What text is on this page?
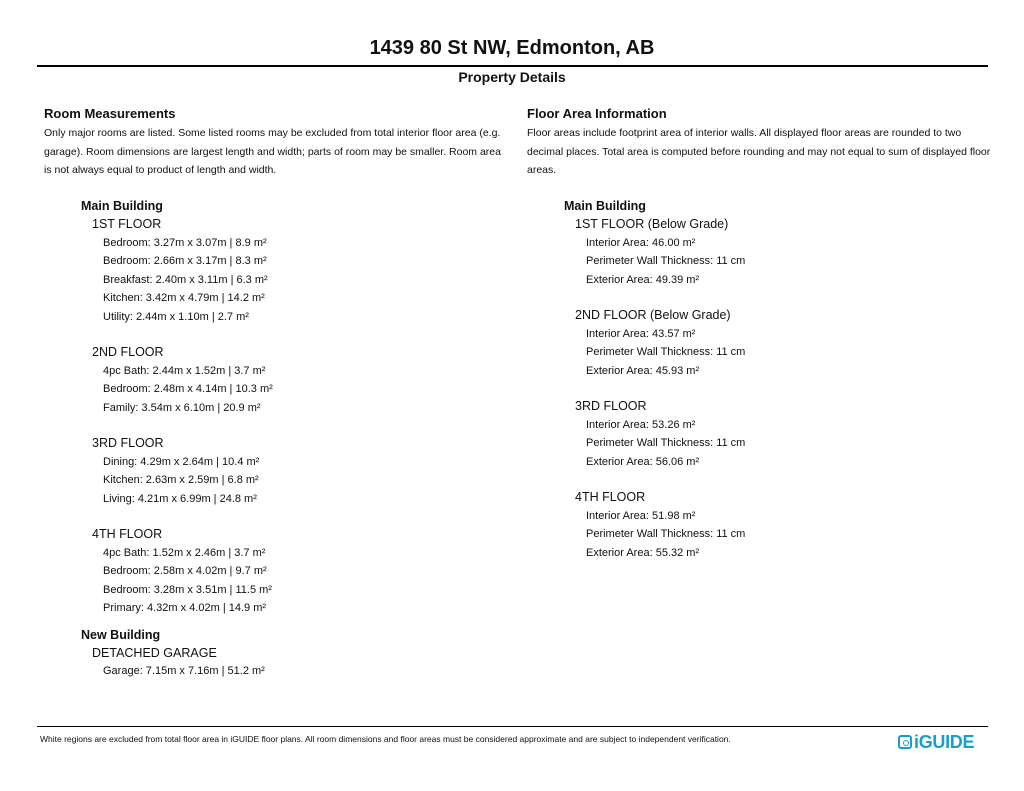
1439 80 St NW, Edmonton, AB
Property Details
Room Measurements
Only major rooms are listed. Some listed rooms may be excluded from total interior floor area (e.g. garage). Room dimensions are largest length and width; parts of room may be smaller. Room area is not always equal to product of length and width.
Floor Area Information
Floor areas include footprint area of interior walls. All displayed floor areas are rounded to two decimal places. Total area is computed before rounding and may not equal to sum of displayed floor areas.
Main Building
1ST FLOOR
Bedroom: 3.27m x 3.07m | 8.9 m²
Bedroom: 2.66m x 3.17m | 8.3 m²
Breakfast: 2.40m x 3.11m | 6.3 m²
Kitchen: 3.42m x 4.79m | 14.2 m²
Utility: 2.44m x 1.10m | 2.7 m²
2ND FLOOR
4pc Bath: 2.44m x 1.52m | 3.7 m²
Bedroom: 2.48m x 4.14m | 10.3 m²
Family: 3.54m x 6.10m | 20.9 m²
3RD FLOOR
Dining: 4.29m x 2.64m | 10.4 m²
Kitchen: 2.63m x 2.59m | 6.8 m²
Living: 4.21m x 6.99m | 24.8 m²
4TH FLOOR
4pc Bath: 1.52m x 2.46m | 3.7 m²
Bedroom: 2.58m x 4.02m | 9.7 m²
Bedroom: 3.28m x 3.51m | 11.5 m²
Primary: 4.32m x 4.02m | 14.9 m²
New Building
DETACHED GARAGE
Garage: 7.15m x 7.16m | 51.2 m²
Main Building
1ST FLOOR (Below Grade)
Interior Area: 46.00 m²
Perimeter Wall Thickness: 11 cm
Exterior Area: 49.39 m²
2ND FLOOR (Below Grade)
Interior Area: 43.57 m²
Perimeter Wall Thickness: 11 cm
Exterior Area: 45.93 m²
3RD FLOOR
Interior Area: 53.26 m²
Perimeter Wall Thickness: 11 cm
Exterior Area: 56.06 m²
4TH FLOOR
Interior Area: 51.98 m²
Perimeter Wall Thickness: 11 cm
Exterior Area: 55.32 m²
White regions are excluded from total floor area in iGUIDE floor plans. All room dimensions and floor areas must be considered approximate and are subject to independent verification.	iGUIDE
